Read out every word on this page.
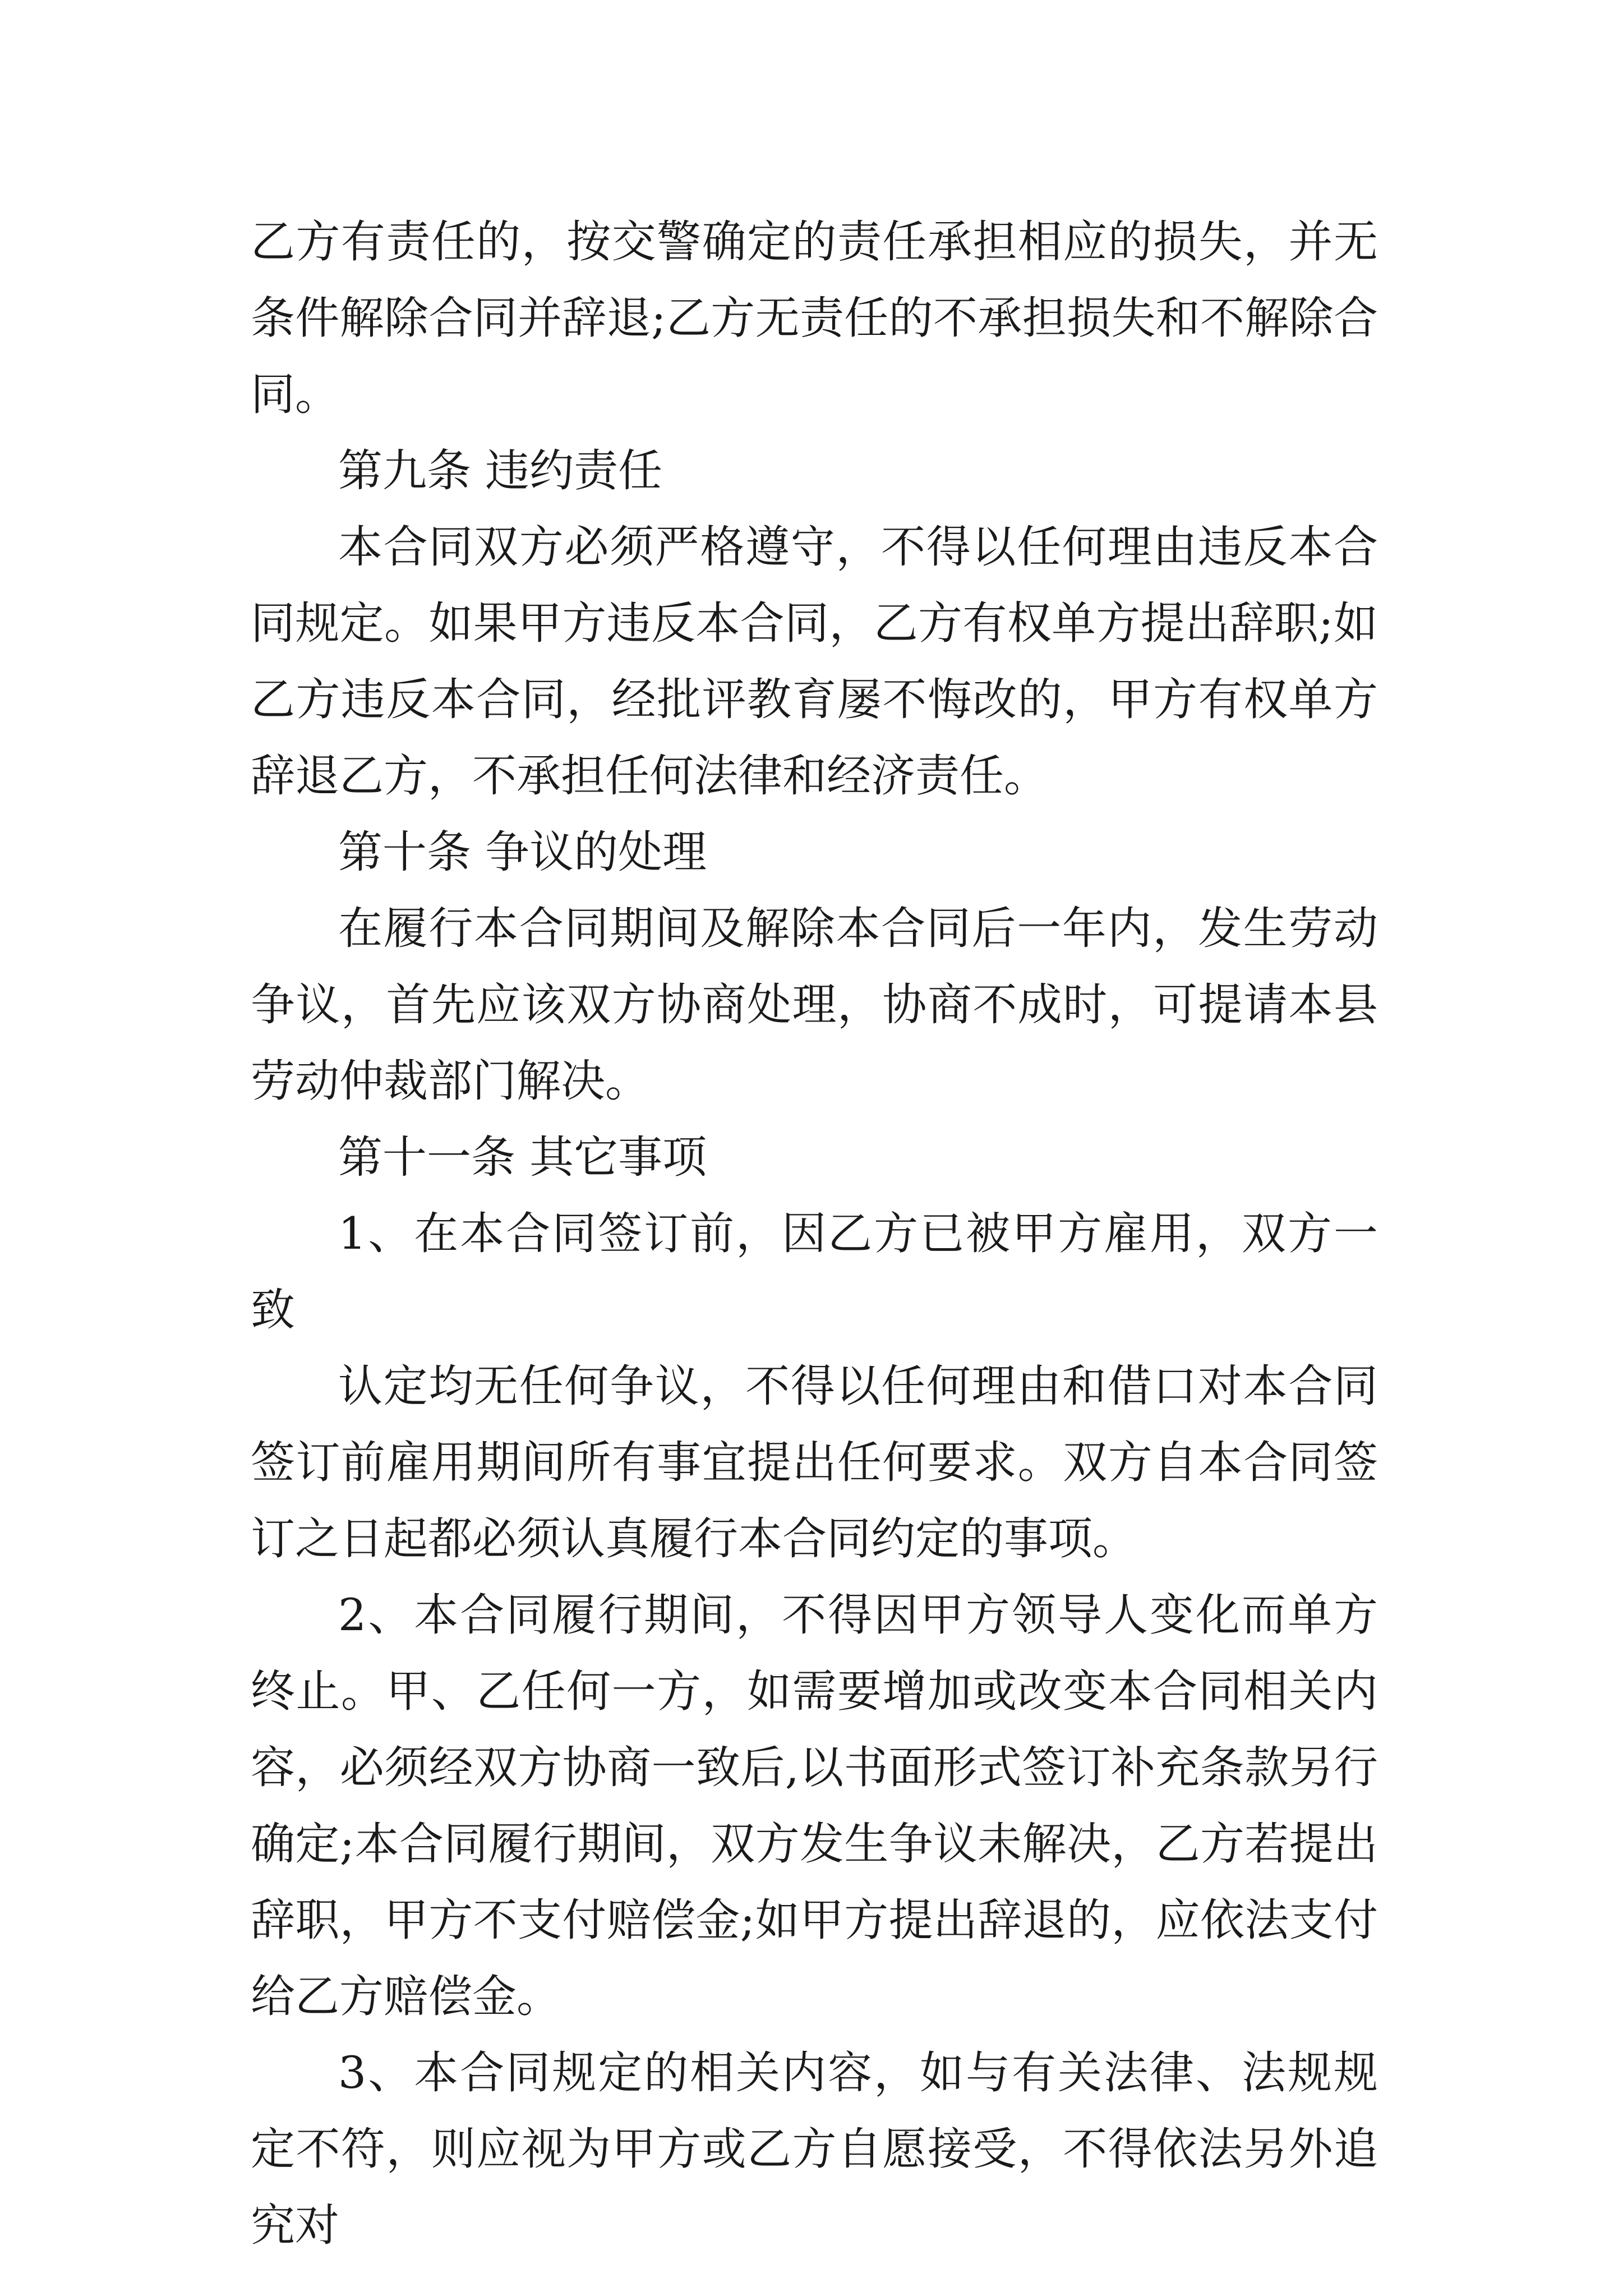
乙方有责任的，按交警确定的责任承担相应的损失，并无条件解除合同并辞退;乙方无责任的不承担损失和不解除合同。

第九条 违约责任

本合同双方必须严格遵守，不得以任何理由违反本合同规定。如果甲方违反本合同，乙方有权单方提出辞职;如乙方违反本合同，经批评教育屡不悔改的，甲方有权单方辞退乙方，不承担任何法律和经济责任。

第十条 争议的处理

在履行本合同期间及解除本合同后一年内，发生劳动争议，首先应该双方协商处理，协商不成时，可提请本县劳动仲裁部门解决。

第十一条 其它事项

1、在本合同签订前，因乙方已被甲方雇用，双方一致

认定均无任何争议，不得以任何理由和借口对本合同签订前雇用期间所有事宜提出任何要求。双方自本合同签订之日起都必须认真履行本合同约定的事项。

2、本合同履行期间，不得因甲方领导人变化而单方终止。甲、乙任何一方，如需要增加或改变本合同相关内容，必须经双方协商一致后,以书面形式签订补充条款另行确定;本合同履行期间，双方发生争议未解决，乙方若提出辞职，甲方不支付赔偿金;如甲方提出辞退的，应依法支付给乙方赔偿金。

3、本合同规定的相关内容，如与有关法律、法规规定不符，则应视为甲方或乙方自愿接受，不得依法另外追究对
